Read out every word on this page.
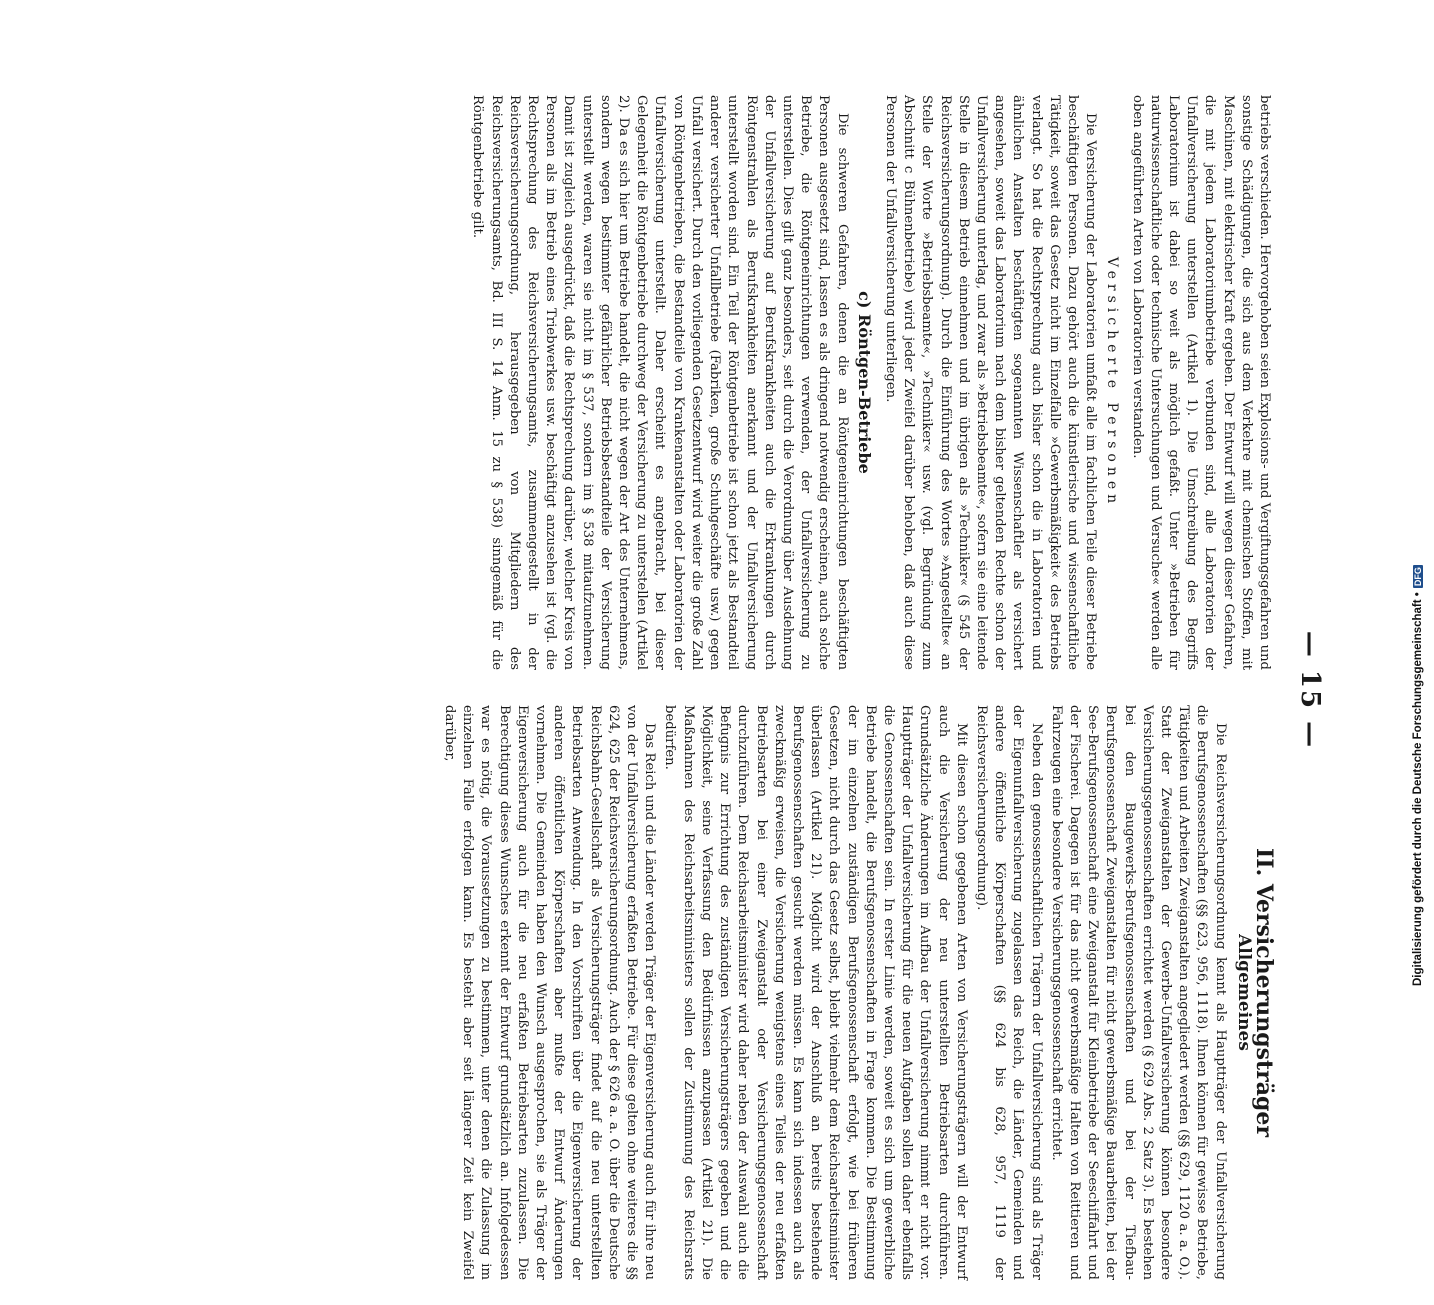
— 15 —

betriebs verschieden. Hervorgehoben seien Explosions- und Vergiftungsgefahren und sonstige Schädigungen, die sich aus dem Verkehre mit chemischen Stoffen, mit Maschinen, mit elektrischer Kraft ergeben. Der Entwurf will wegen dieser Gefahren, die mit jedem Laboratoriumbetriebe verbunden sind, alle Laboratorien der Unfallversicherung unterstellen (Artikel 1). Die Umschreibung des Begriffs Laboratorium ist dabei so weit als möglich gefaßt. Unter »Betrieben für naturwissenschaftliche oder technische Untersuchungen und Versuche« werden alle oben angeführten Arten von Laboratorien verstanden.

Versicherte Personen

Die Versicherung der Laboratorien umfaßt alle im fachlichen Teile dieser Betriebe beschäftigten Personen. Dazu gehört auch die künstlerische und wissenschaftliche Tätigkeit, soweit das Gesetz nicht im Einzelfalle »Gewerbsmäßigkeit« des Betriebs verlangt. So hat die Rechtsprechung auch bisher schon die in Laboratorien und ähnlichen Anstalten beschäftigten sogenannten Wissenschaftler als versichert angesehen, soweit das Laboratorium nach dem bisher geltenden Rechte schon der Unfallversicherung unterlag, und zwar als »Betriebsbeamte«, sofern sie eine leitende Stelle in diesem Betrieb einnehmen und im übrigen als »Techniker« (§ 545 der Reichsversicherungsordnung). Durch die Einführung des Wortes »Angestellte« an Stelle der Worte »Betriebsbeamte«, »Techniker« usw. (vgl. Begründung zum Abschnitt c Bühnenbetriebe) wird jeder Zweifel darüber behoben, daß auch diese Personen der Unfallversicherung unterliegen.

c) Röntgen-Betriebe

Die schweren Gefahren, denen die an Röntgeneinrichtungen beschäftigten Personen ausgesetzt sind, lassen es als dringend notwendig erscheinen, auch solche Betriebe, die Röntgeneinrichtungen verwenden, der Unfallversicherung zu unterstellen. Dies gilt ganz besonders, seit durch die Verordnung über Ausdehnung der Unfallversicherung auf Berufskrankheiten auch die Erkrankungen durch Röntgenstrahlen als Berufskrankheiten anerkannt und der Unfallversicherung unterstellt worden sind. Ein Teil der Röntgenbetriebe ist schon jetzt als Bestandteil anderer versicherter Unfallbetriebe (Fabriken, große Schuhgeschäfte usw.) gegen Unfall versichert. Durch den vorliegenden Gesetzentwurf wird weiter die große Zahl von Röntgenbetrieben, die Bestandteile von Krankenanstalten oder Laboratorien der Unfallversicherung unterstellt. Daher erscheint es angebracht, bei dieser Gelegenheit die Röntgenbetriebe durchweg der Versicherung zu unterstellen (Artikel 2). Da es sich hier um Betriebe handelt, die nicht wegen der Art des Unternehmens, sondern wegen bestimmter gefährlicher Betriebsbestandteile der Versicherung unterstellt werden, waren sie nicht im § 537, sondern im § 538 mitaufzunehmen. Damit ist zugleich ausgedrückt, daß die Rechtsprechung darüber, welcher Kreis von Personen als im Betrieb eines Triebwerkes usw. beschäftigt anzusehen ist (vgl. die Rechtsprechung des Reichsversicherungsamts, zusammengestellt in der Reichsversicherungsordnung, herausgegeben von Mitgliedern des Reichsversicherungsamts, Bd. III S. 14 Anm. 15 zu § 538) sinngemäß für die Röntgenbetriebe gilt.

II. Versicherungsträger
Allgemeines

Die Reichsversicherungsordnung kennt als Hauptträger der Unfallversicherung die Berufsgenossenschaften (§§ 623, 956, 1118). Ihnen können für gewisse Betriebe, Tätigkeiten und Arbeiten Zweiganstalten angegliedert werden (§§ 629, 1120 a. a. O.). Statt der Zweiganstalten der Gewerbe-Unfallversicherung können besondere Versicherungsgenossenschaften errichtet werden (§ 629 Abs. 2 Satz 3). Es bestehen bei den Baugewerks-Berufsgenossenschaften und bei der Tiefbau-Berufsgenossenschaft Zweiganstalten für nicht gewerbsmäßige Bauarbeiten, bei der See-Berufsgenossenschaft eine Zweiganstalt für Kleinbetriebe der Seeschiffahrt und der Fischerei. Dagegen ist für das nicht gewerbsmäßige Halten von Reittieren und Fahrzeugen eine besondere Versicherungsgenossenschaft errichtet.

Neben den genossenschaftlichen Trägern der Unfallversicherung sind als Träger der Eigenunfallversicherung zugelassen das Reich, die Länder, Gemeinden und andere öffentliche Körperschaften (§§ 624 bis 628, 957, 1119 der Reichsversicherungsordnung).

Mit diesen schon gegebenen Arten von Versicherungsträgern will der Entwurf auch die Versicherung der neu unterstellten Betriebsarten durchführen. Grundsätzliche Änderungen im Aufbau der Unfallversicherung nimmt er nicht vor. Hauptträger der Unfallversicherung für die neuen Aufgaben sollen daher ebenfalls die Genossenschaften sein. In erster Linie werden, soweit es sich um gewerbliche Betriebe handelt, die Berufsgenossenschaften in Frage kommen. Die Bestimmung der im einzelnen zuständigen Berufsgenossenschaft erfolgt, wie bei früheren Gesetzen, nicht durch das Gesetz selbst, bleibt vielmehr dem Reichsarbeitsminister überlassen (Artikel 21). Möglicht wird der Anschluß an bereits bestehende Berufsgenossenschaften gesucht werden müssen. Es kann sich indessen auch als zweckmäßig erweisen, die Versicherung wenigstens eines Teiles der neu erfaßten Betriebsarten bei einer Zweiganstalt oder Versicherungsgenossenschaft durchzuführen. Dem Reichsarbeitsminister wird daher neben der Auswahl auch die Befugnis zur Errichtung des zuständigen Versicherungsträgers gegeben und die Möglichkeit, seine Verfassung den Bedürfnissen anzupassen (Artikel 21). Die Maßnahmen des Reichsarbeitsministers sollen der Zustimmung des Reichsrats bedürfen.

Das Reich und die Länder werden Träger der Eigenversicherung auch für ihre neu von der Unfallversicherung erfaßten Betriebe. Für diese gelten ohne weiteres die §§ 624, 625 der Reichsversicherungsordnung. Auch der § 626 a. a. O. über die Deutsche Reichsbahn-Gesellschaft als Versicherungsträger findet auf die neu unterstellten Betriebsarten Anwendung. In den Vorschriften über die Eigenversicherung der anderen öffentlichen Körperschaften aber mußte der Entwurf Änderungen vornehmen. Die Gemeinden haben den Wunsch ausgesprochen, sie als Träger der Eigenversicherung auch für die neu erfaßten Betriebsarten zuzulassen. Die Berechtigung dieses Wunsches erkennt der Entwurf grundsätzlich an. Infolgedessen war es nötig, die Voraussetzungen zu bestimmen, unter denen die Zulassung im einzelnen Falle erfolgen kann. Es besteht aber seit längerer Zeit kein Zweifel darüber,	Digitalisierung gefördert durch die Deutsche Forschungsgemeinschaft •DFG
